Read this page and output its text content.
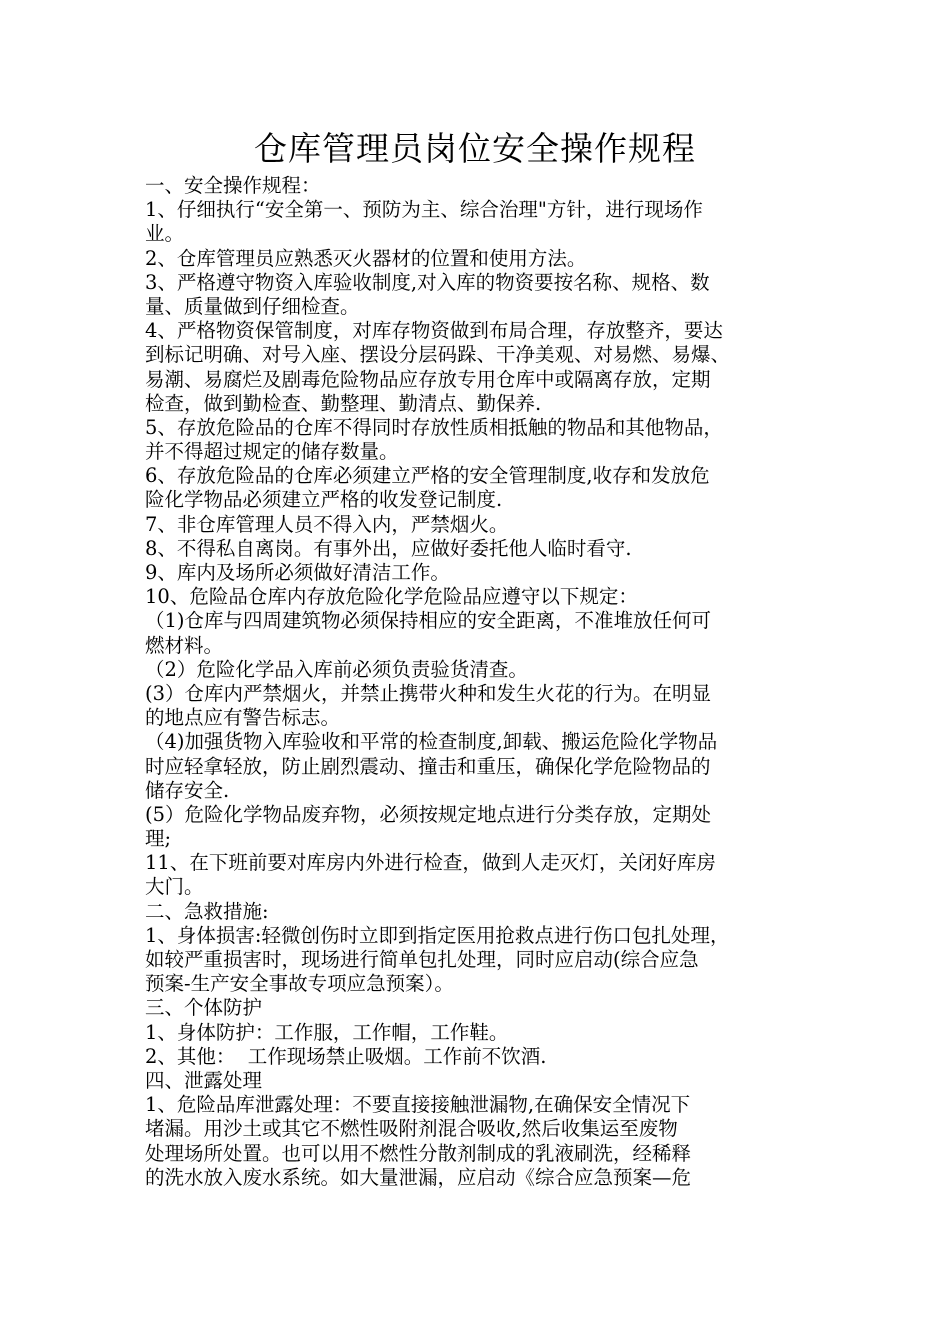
仓库管理员岗位安全操作规程
一、安全操作规程：
1、仔细执行“安全第一、预防为主、综合治理"方针，进行现场作
业。
2、仓库管理员应熟悉灭火器材的位置和使用方法。
3、严格遵守物资入库验收制度,对入库的物资要按名称、规格、数
量、质量做到仔细检查。
4、严格物资保管制度，对库存物资做到布局合理，存放整齐，要达
到标记明确、对号入座、摆设分层码跺、干净美观、对易燃、易爆、
易潮、易腐烂及剧毒危险物品应存放专用仓库中或隔离存放，定期
检查，做到勤检查、勤整理、勤清点、勤保养.
5、存放危险品的仓库不得同时存放性质相抵触的物品和其他物品，
并不得超过规定的储存数量。
6、存放危险品的仓库必须建立严格的安全管理制度,收存和发放危
险化学物品必须建立严格的收发登记制度.
7、非仓库管理人员不得入内，严禁烟火。
8、不得私自离岗。有事外出，应做好委托他人临时看守.
9、库内及场所必须做好清洁工作。
10、危险品仓库内存放危险化学危险品应遵守以下规定：
（1)仓库与四周建筑物必须保持相应的安全距离，不准堆放任何可
燃材料。
（2）危险化学品入库前必须负责验货清查。
(3）仓库内严禁烟火，并禁止携带火种和发生火花的行为。在明显
的地点应有警告标志。
（4)加强货物入库验收和平常的检查制度,卸载、搬运危险化学物品
时应轻拿轻放，防止剧烈震动、撞击和重压，确保化学危险物品的
储存安全.
(5）危险化学物品废弃物，必须按规定地点进行分类存放，定期处
理;
11、在下班前要对库房内外进行检查，做到人走灭灯，关闭好库房
大门。
二、急救措施:
1、身体损害:轻微创伤时立即到指定医用抢救点进行伤口包扎处理，
如较严重损害时，现场进行简单包扎处理，同时应启动(综合应急
预案-生产安全事故专项应急预案）。
三、个体防护
1、身体防护：工作服，工作帽，工作鞋。
2、其他：  工作现场禁止吸烟。工作前不饮酒.
四、泄露处理
1、危险品库泄露处理：不要直接接触泄漏物,在确保安全情况下
堵漏。用沙土或其它不燃性吸附剂混合吸收,然后收集运至废物
处理场所处置。也可以用不燃性分散剂制成的乳液刷洗，经稀释
的洗水放入废水系统。如大量泄漏，应启动《综合应急预案—危
